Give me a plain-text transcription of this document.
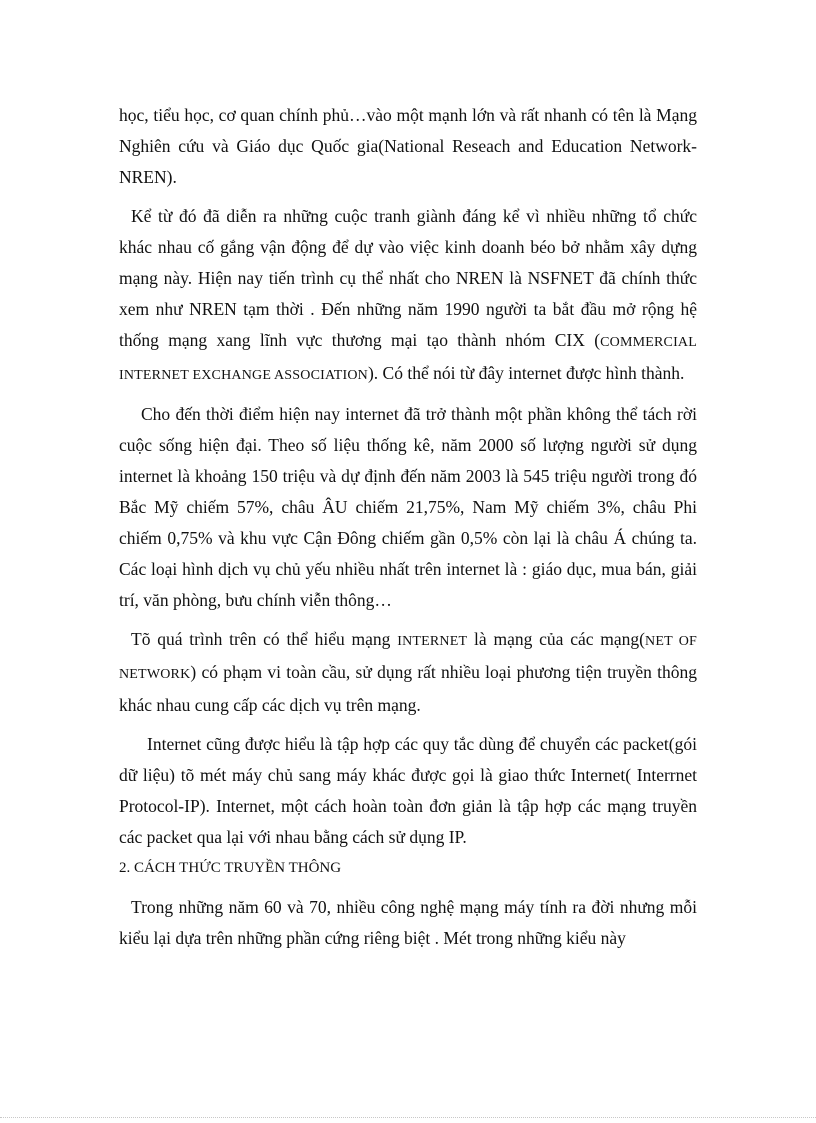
học, tiểu học, cơ quan chính phủ…vào một mạnh lớn và rất nhanh có tên là Mạng Nghiên cứu và Giáo dục Quốc gia(National Reseach and Education Network-NREN).

Kể từ đó đã diễn ra những cuộc tranh giành đáng kể vì nhiều những tổ chức khác nhau cố gắng vận động để dự vào việc kinh doanh béo bở nhằm xây dựng mạng này. Hiện nay tiến trình cụ thể nhất cho NREN là NSFNET đã chính thức xem như NREN tạm thời . Đến những năm 1990 người ta bắt đầu mở rộng hệ thống mạng xang lĩnh vực thương mại tạo thành nhóm CIX (COMMERCIAL INTERNET EXCHANGE ASSOCIATION). Có thể nói từ đây internet được hình thành.

Cho đến thời điểm hiện nay internet đã trở thành một phần không thể tách rời cuộc sống hiện đại. Theo số liệu thống kê, năm 2000 số lượng người sử dụng internet là khoảng 150 triệu và dự định đến năm 2003 là 545 triệu người trong đó Bắc Mỹ chiếm 57%, châu ÂU chiếm 21,75%, Nam Mỹ chiếm 3%, châu Phi chiếm 0,75% và khu vực Cận Đông chiếm gần 0,5% còn lại là châu Á chúng ta. Các loại hình dịch vụ chủ yếu nhiều nhất trên internet là : giáo dục, mua bán, giải trí, văn phòng, bưu chính viễn thông…

Tõ quá trình trên có thể hiểu mạng INTERNET là mạng của các mạng(NET OF NETWORK) có phạm vi toàn cầu, sử dụng rất nhiều loại phương tiện truyền thông khác nhau cung cấp các dịch vụ trên mạng.

Internet cũng được hiểu là tập hợp các quy tắc dùng để chuyển các packet(gói dữ liệu) tõ mét máy chủ sang máy khác được gọi là giao thức Internet( Interrnet Protocol-IP). Internet, một cách hoàn toàn đơn giản là tập hợp các mạng truyền các packet qua lại với nhau bằng cách sử dụng IP.

2. CÁCH THỨC TRUYỀN THÔNG

Trong những năm 60 và 70, nhiều công nghệ mạng máy tính ra đời nhưng mỗi kiểu lại dựa trên những phần cứng riêng biệt . Mét trong những kiểu này
